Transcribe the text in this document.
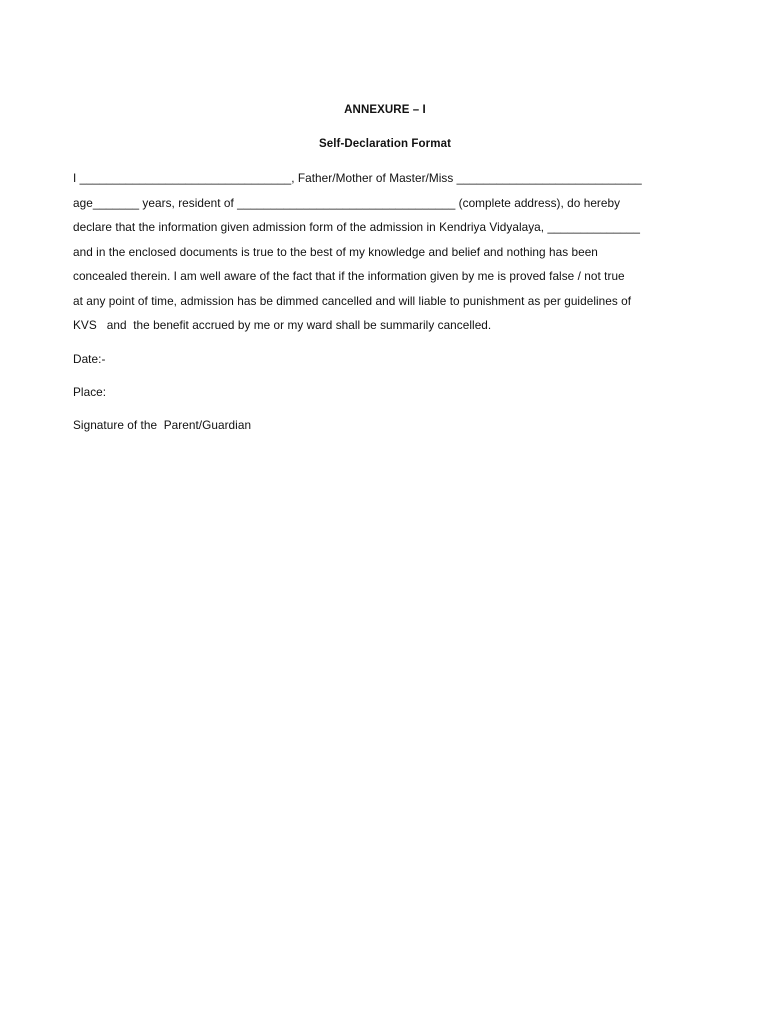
ANNEXURE – I
Self-Declaration Format
I ________________________________, Father/Mother of Master/Miss ____________________________
age_______ years, resident of _________________________________ (complete address), do hereby
declare that the information given admission form of the admission in Kendriya Vidyalaya, ______________
and in the enclosed documents is true to the best of my knowledge and belief and nothing has been
concealed therein. I am well aware of the fact that if the information given by me is proved false / not true
at any point of time, admission has be dimmed cancelled and will liable to punishment as per guidelines of
KVS   and  the benefit accrued by me or my ward shall be summarily cancelled.
Date:-
Place:
Signature of the  Parent/Guardian
